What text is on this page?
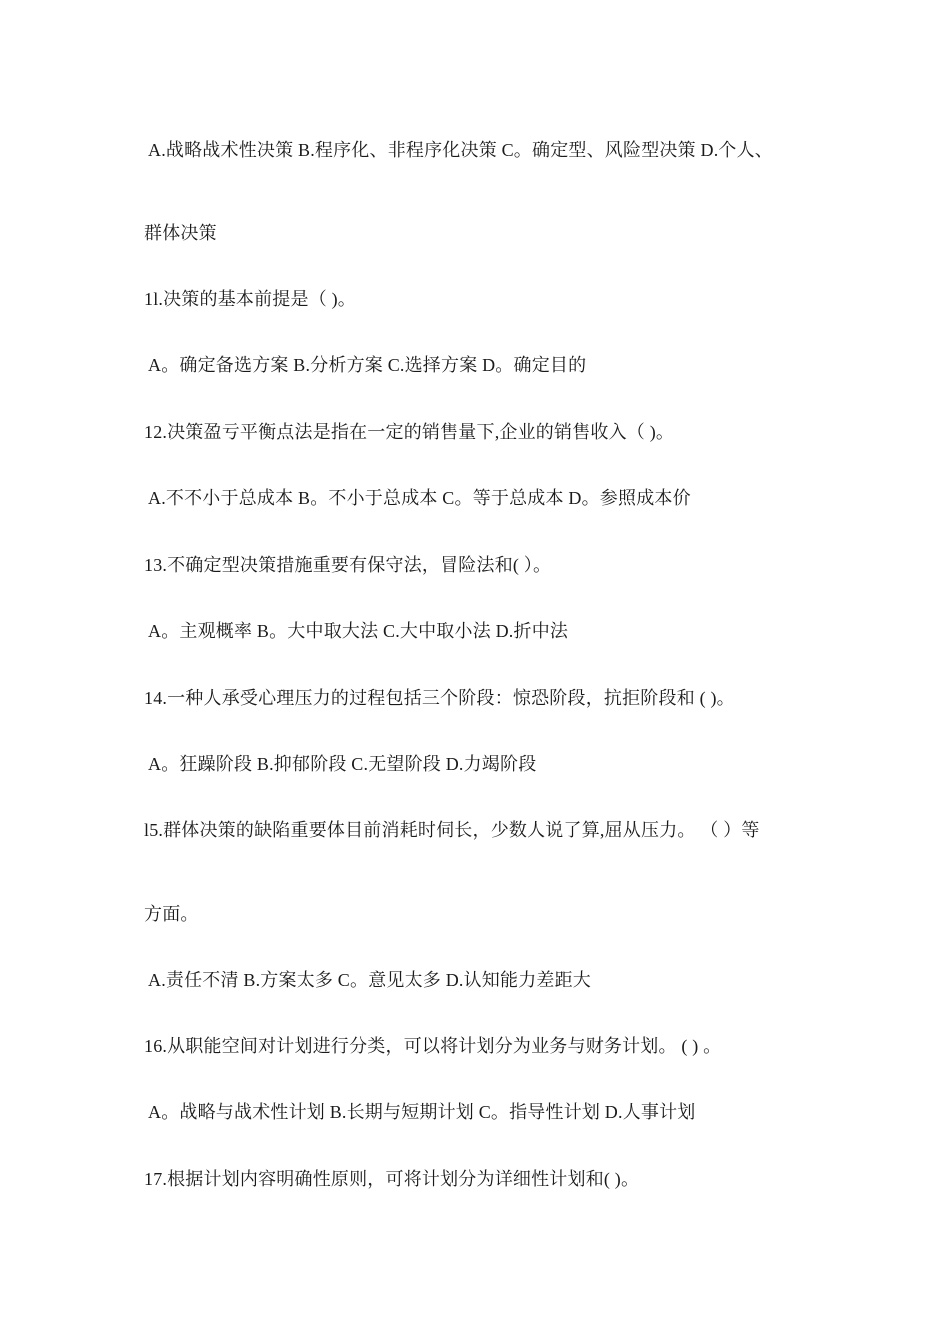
A.战略战术性决策 B.程序化、非程序化决策 C。确定型、风险型决策 D.个人、
群体决策
1l.决策的基本前提是（ )。
A。确定备选方案 B.分析方案 C.选择方案 D。确定目的
12.决策盈亏平衡点法是指在一定的销售量下,企业的销售收入（ )。
A.不不小于总成本 B。不小于总成本 C。等于总成本 D。参照成本价
13.不确定型决策措施重要有保守法，冒险法和( ）。
A。主观概率 B。大中取大法 C.大中取小法 D.折中法
14.一种人承受心理压力的过程包括三个阶段：惊恐阶段，抗拒阶段和 ( )。
A。狂躁阶段 B.抑郁阶段 C.无望阶段 D.力竭阶段
l5.群体决策的缺陷重要体目前消耗时伺长，少数人说了算,屈从压力。 （ ）等
方面。
A.责任不清 B.方案太多 C。意见太多 D.认知能力差距大
16.从职能空间对计划进行分类，可以将计划分为业务与财务计划。 ( ) 。
A。战略与战术性计划 B.长期与短期计划 C。指导性计划 D.人事计划
17.根据计划内容明确性原则，可将计划分为详细性计划和( )。
